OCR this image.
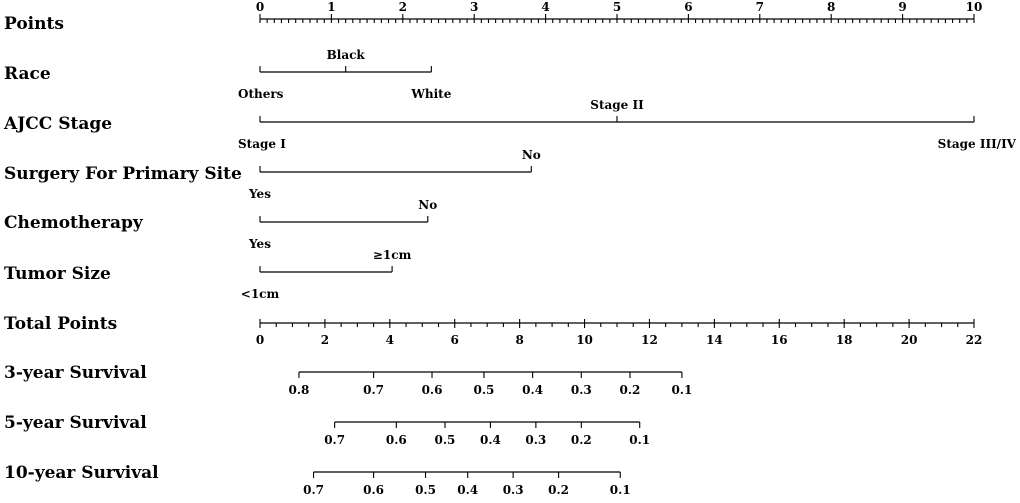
Points
Race
AJCC Stage
Surgery For Primary Site
Chemotherapy
Tumor Size
Total Points
3-year Survival
5-year Survival
10-year Survival
0	1	2	3	4	5	6	7	8	9	10
Others
Black
White
Stage I
Stage II
Stage III/IV
Yes
No
Yes
No
<1cm
≥1cm
0	2	4	6	8	10	12	14	16	18	20	22
0.8	0.7	0.6	0.5 0.4 0.3 0.2	0.1
0.7	0.6 0.5 0.4 0.3 0.2	0.1
0.7	0.6	0.5 0.4 0.3 0.2	0.1
